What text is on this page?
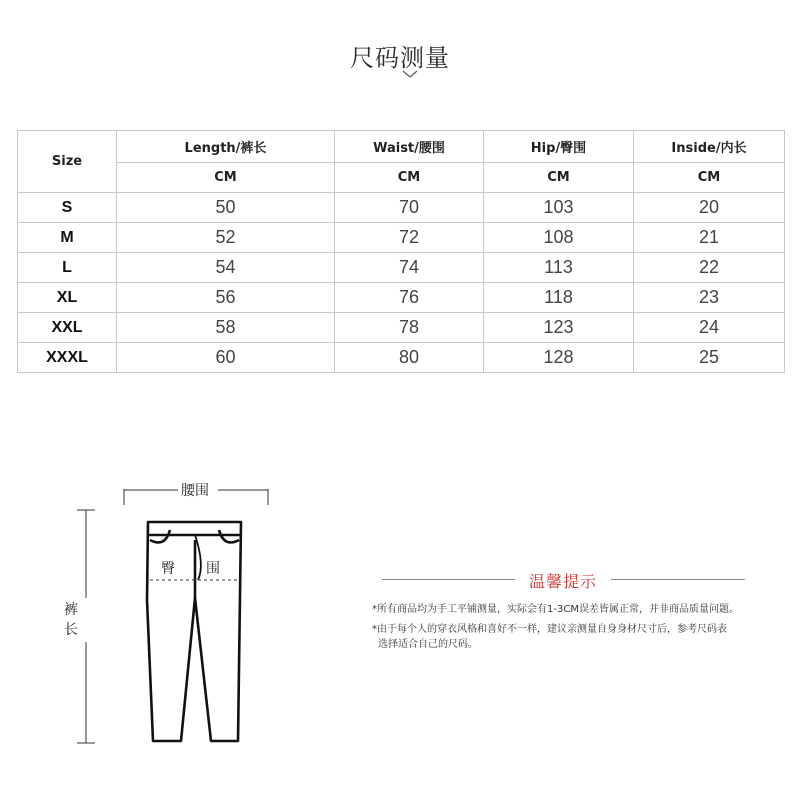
尺码测量
Size	Length/裤长	Waist/腰围	Hip/臀围	Inside/内长
	CM	CM	CM	CM
S	50	70	103	20
M	52	72	108	21
L	54	74	113	22
XL	56	76	118	23
XXL	58	78	123	24
XXXL	60	80	128	25
腰围
裤长
臀 围
温馨提示
*所有商品均为手工平铺测量，实际会有1-3CM误差皆属正常，并非商品质量问题。
*由于每个人的穿衣风格和喜好不一样，建议亲测量自身身材尺寸后，参考尺码表
选择适合自己的尺码。
